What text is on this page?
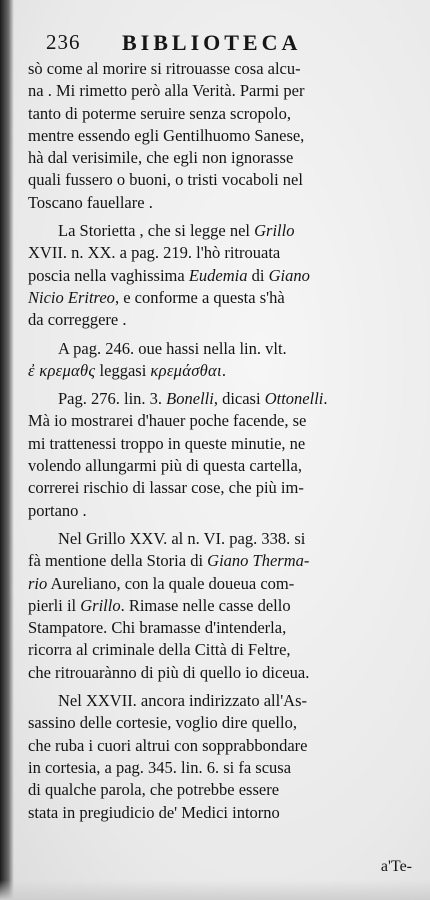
236 BIBLIOTECA
sò come al morire si ritrouasse cosa alcu-
na . Mi rimetto però alla Verità. Parmi per
tanto di poterme seruire senza scropolo,
mentre essendo egli Gentilhuomo Sanese,
hà dal verisimile, che egli non ignorasse
quali fussero o buoni, o tristi vocaboli nel
Toscano fauellare .
La Storietta , che si legge nel Grillo
XVII. n. XX. a pag. 219. l'hò ritrouata
poscia nella vaghissima Eudemia di Giano
Nicio Eritreo, e conforme a questa s'hà
da correggere .
A pag. 246. oue hassi nella lin. vlt.
ἐ κρεμαθς leggasi κρεμάσθαι.
Pag. 276. lin. 3. Bonelli, dicasi Ottonelli.
Mà io mostrarei d'hauer poche facende, se
mi trattenessi troppo in queste minutie, ne
volendo allungarmi più di questa cartella,
correrei rischio di lassar cose, che più im-
portano .
Nel Grillo XXV. al n. VI. pag. 338. si
fà mentione della Storia di Giano Therma-
rio Aureliano, con la quale doueua com-
pierli il Grillo. Rimase nelle casse dello
Stampatore. Chi bramasse d'intenderla,
ricorra al criminale della Città di Feltre,
che ritrouarànno di più di quello io diceua.
Nel XXVII. ancora indirizzato all'As-
sassino delle cortesie, voglio dire quello,
che ruba i cuori altrui con sopprabbondare
in cortesia, a pag. 345. lin. 6. si fa scusa
di qualche parola, che potrebbe essere
stata in pregiudicio de' Medici intorno
a'Te-
